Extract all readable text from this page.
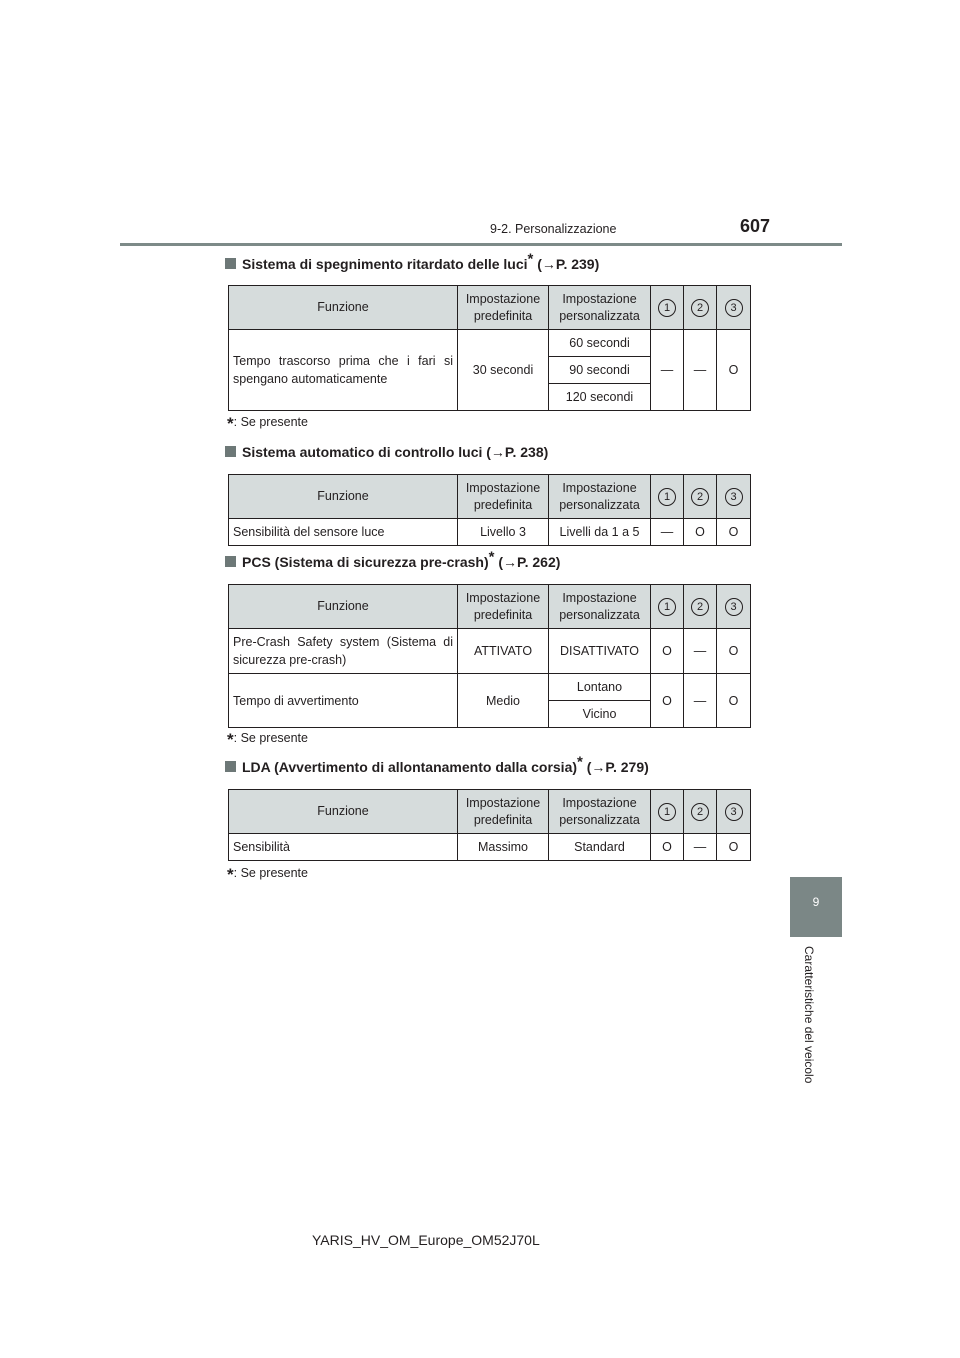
9-2. Personalizzazione	607
9
Caratteristiche del veicolo
Sistema di spegnimento ritardato delle luci* (→P. 239)
Funzione	Impostazione predefinita	Impostazione personalizzata	1	2	3
Tempo trascorso prima che i fari si spengano automaticamente	30 secondi	60 secondi	—	—	O
		90 secondi			
		120 secondi			
*: Se presente
Sistema automatico di controllo luci (→P. 238)
Funzione	Impostazione predefinita	Impostazione personalizzata	1	2	3
Sensibilità del sensore luce	Livello 3	Livelli da 1 a 5	—	O	O
PCS (Sistema di sicurezza pre-crash)* (→P. 262)
Funzione	Impostazione predefinita	Impostazione personalizzata	1	2	3
Pre-Crash Safety system (Sistema di sicurezza pre-crash)	ATTIVATO	DISATTIVATO	O	—	O
Tempo di avvertimento	Medio	Lontano	O	—	O
		Vicino			
*: Se presente
LDA (Avvertimento di allontanamento dalla corsia)* (→P. 279)
Funzione	Impostazione predefinita	Impostazione personalizzata	1	2	3
Sensibilità	Massimo	Standard	O	—	O
*: Se presente
YARIS_HV_OM_Europe_OM52J70L
